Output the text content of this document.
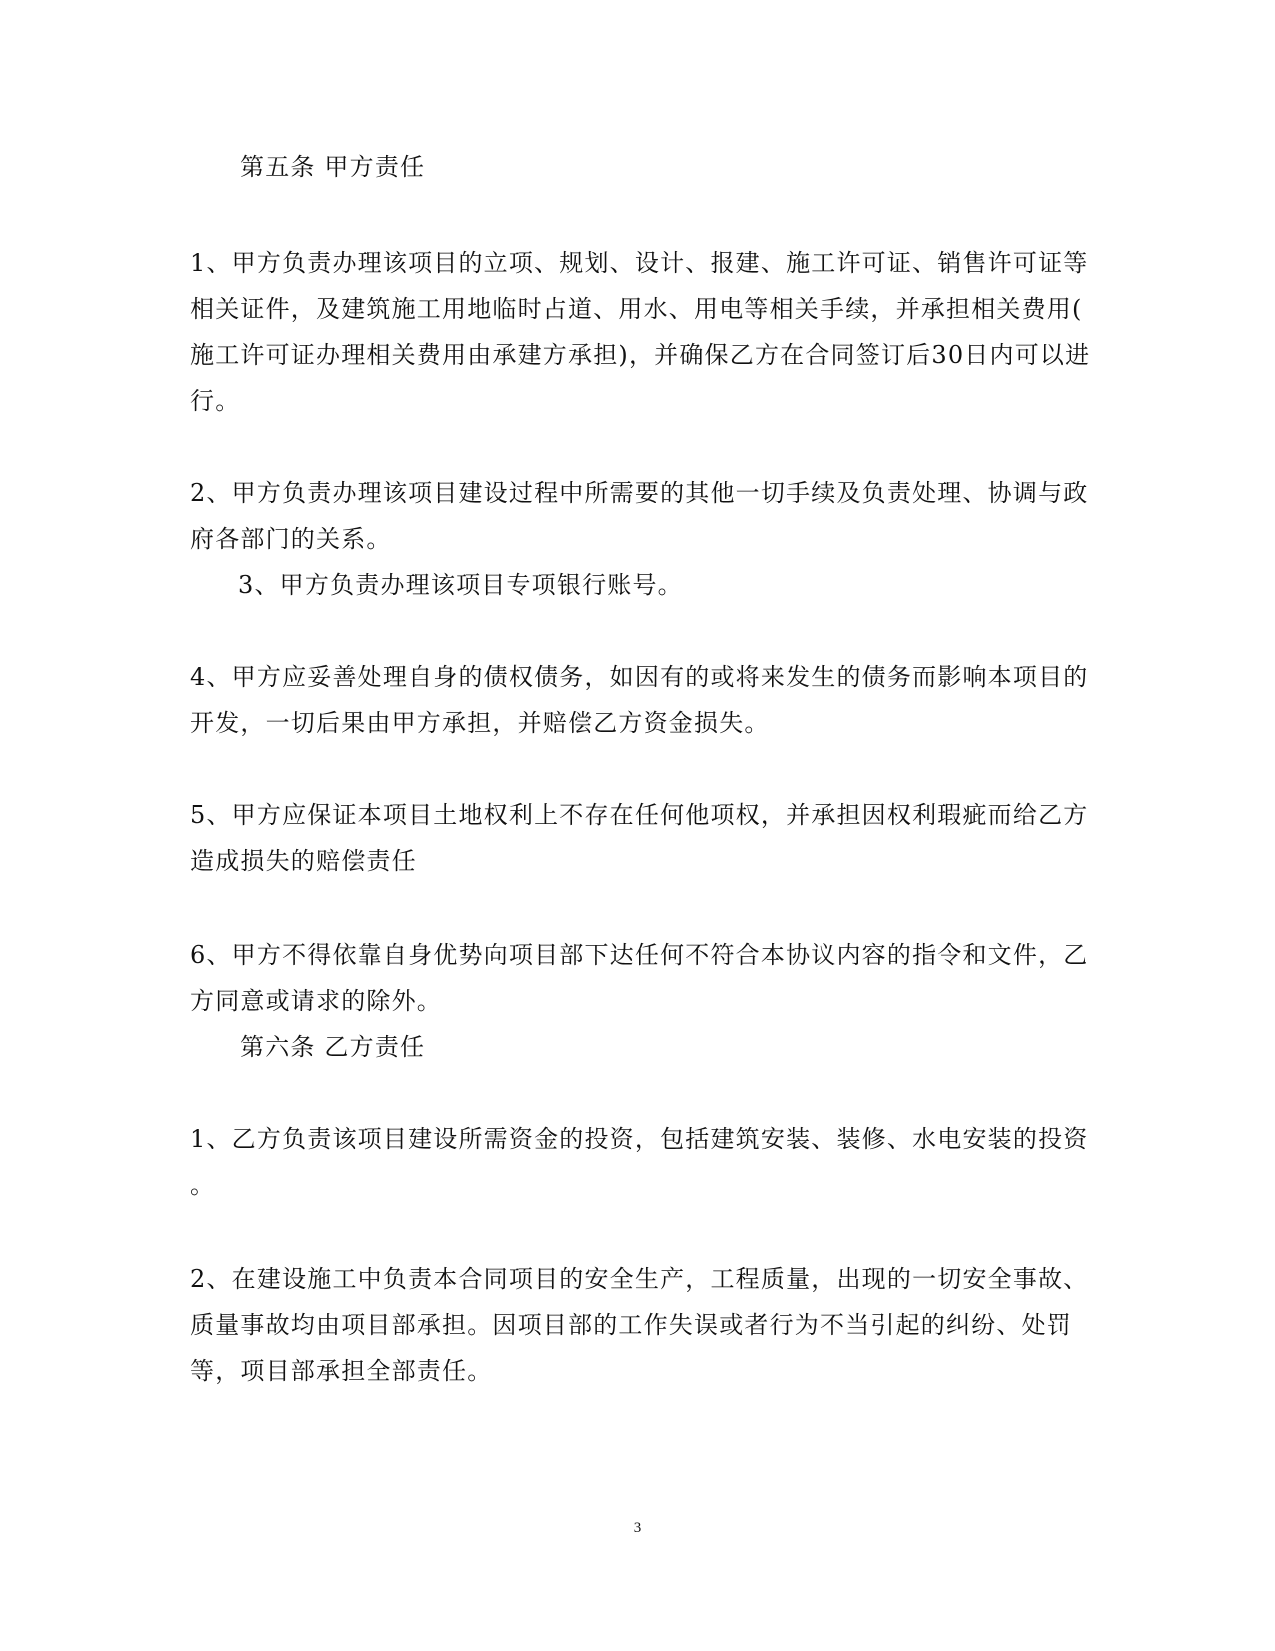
第五条 甲方责任
1、甲方负责办理该项目的立项、规划、设计、报建、施工许可证、销售许可证等
相关证件，及建筑施工用地临时占道、用水、用电等相关手续，并承担相关费用(
施工许可证办理相关费用由承建方承担)，并确保乙方在合同签订后30日内可以进
行。
2、甲方负责办理该项目建设过程中所需要的其他一切手续及负责处理、协调与政
府各部门的关系。
3、甲方负责办理该项目专项银行账号。
4、甲方应妥善处理自身的债权债务，如因有的或将来发生的债务而影响本项目的
开发，一切后果由甲方承担，并赔偿乙方资金损失。
5、甲方应保证本项目土地权利上不存在任何他项权，并承担因权利瑕疵而给乙方
造成损失的赔偿责任
6、甲方不得依靠自身优势向项目部下达任何不符合本协议内容的指令和文件，乙
方同意或请求的除外。
第六条 乙方责任
1、乙方负责该项目建设所需资金的投资，包括建筑安装、装修、水电安装的投资
。
2、在建设施工中负责本合同项目的安全生产，工程质量，出现的一切安全事故、
质量事故均由项目部承担。因项目部的工作失误或者行为不当引起的纠纷、处罚
等，项目部承担全部责任。
3
